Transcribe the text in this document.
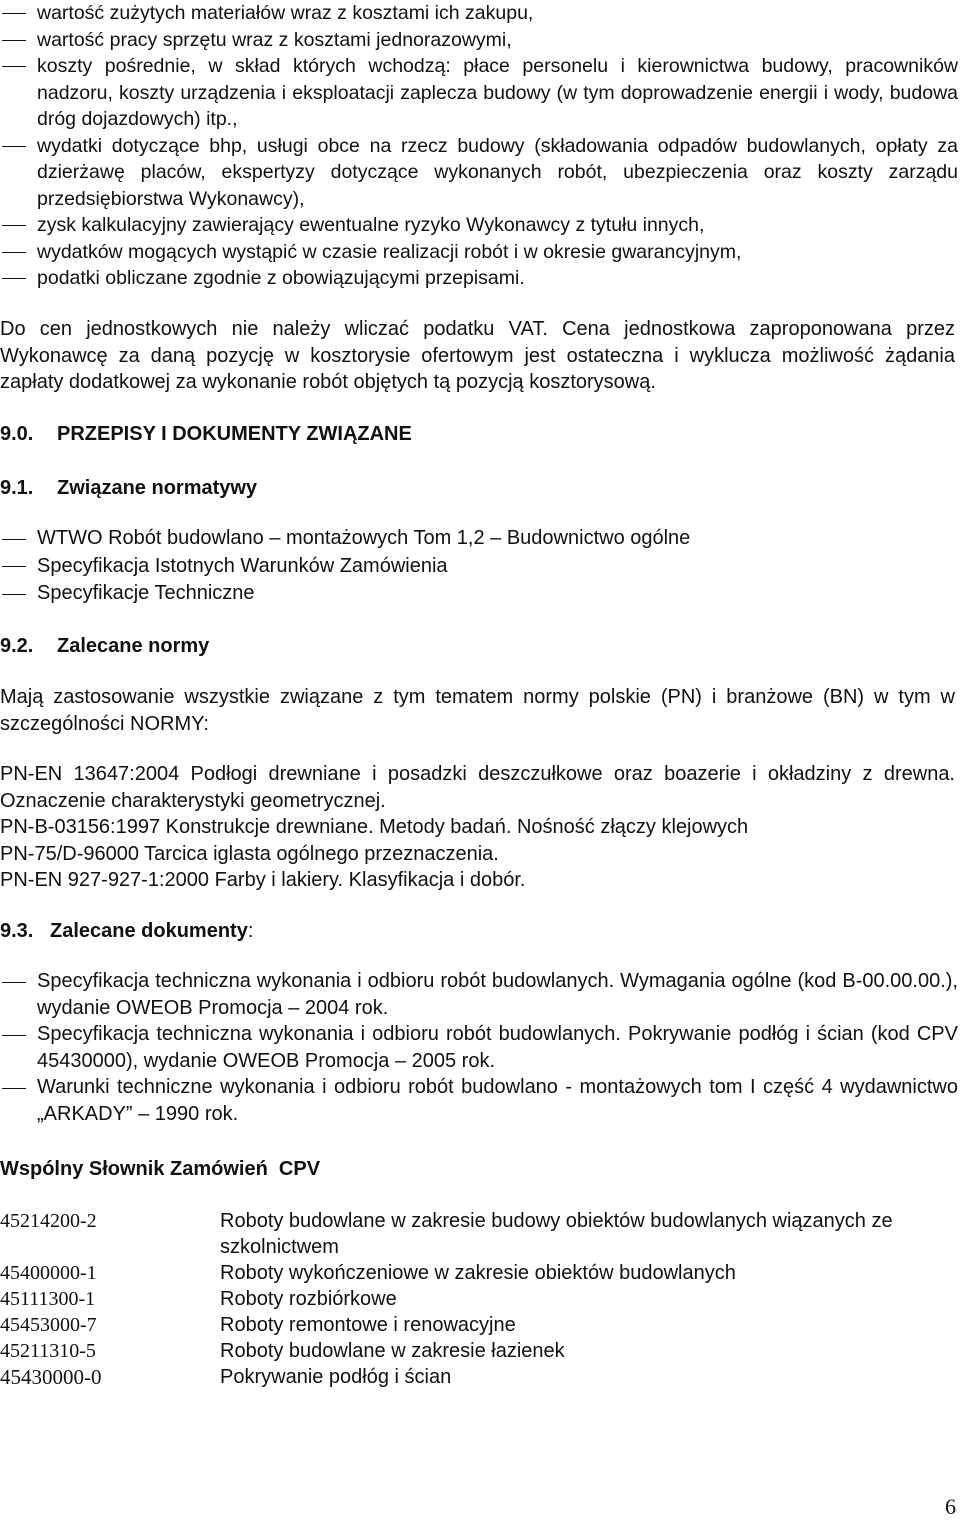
wartość zużytych materiałów wraz z kosztami ich zakupu,
wartość pracy sprzętu wraz z kosztami jednorazowymi,
koszty pośrednie, w skład których wchodzą: płace personelu i kierownictwa budowy, pracowników nadzoru, koszty urządzenia i eksploatacji zaplecza budowy (w tym doprowadzenie energii i wody, budowa dróg dojazdowych) itp.,
wydatki dotyczące bhp, usługi obce na rzecz budowy (składowania odpadów budowlanych, opłaty za dzierżawę placów, ekspertyzy dotyczące wykonanych robót, ubezpieczenia oraz koszty zarządu przedsiębiorstwa Wykonawcy),
zysk kalkulacyjny zawierający ewentualne ryzyko Wykonawcy z tytułu innych,
wydatków mogących wystąpić w czasie realizacji robót i w okresie gwarancyjnym,
podatki obliczane zgodnie z obowiązującymi przepisami.

Do cen jednostkowych nie należy wliczać podatku VAT. Cena jednostkowa zaproponowana przez Wykonawcę za daną pozycję w kosztorysie ofertowym jest ostateczna i wyklucza możliwość żądania zapłaty dodatkowej za wykonanie robót objętych tą pozycją kosztorysową.

9.0. PRZEPISY I DOKUMENTY ZWIĄZANE
9.1. Związane normatywy
WTWO Robót budowlano – montażowych Tom 1,2 – Budownictwo ogólne
Specyfikacja Istotnych Warunków Zamówienia
Specyfikacje Techniczne
9.2. Zalecane normy

Mają zastosowanie wszystkie związane z tym tematem normy polskie (PN) i branżowe (BN) w tym w szczególności NORMY:

PN-EN 13647:2004 Podłogi drewniane i posadzki deszczułkowe oraz boazerie i okładziny z drewna. Oznaczenie charakterystyki geometrycznej.
PN-B-03156:1997 Konstrukcje drewniane. Metody badań. Nośność złączy klejowych
PN-75/D-96000 Tarcica iglasta ogólnego przeznaczenia.
PN-EN 927-927-1:2000 Farby i lakiery. Klasyfikacja i dobór.

9.3. Zalecane dokumenty:
Specyfikacja techniczna wykonania i odbioru robót budowlanych. Wymagania ogólne (kod B-00.00.00.), wydanie OWEOB Promocja – 2004 rok.
Specyfikacja techniczna wykonania i odbioru robót budowlanych. Pokrywanie podłóg i ścian (kod CPV 45430000), wydanie OWEOB Promocja – 2005 rok.
Warunki techniczne wykonania i odbioru robót budowlano - montażowych tom I część 4 wydawnictwo „ARKADY” – 1990 rok.
Wspólny Słownik Zamówień  CPV
45214200-2	Roboty budowlane w zakresie budowy obiektów budowlanych wiązanych ze szkolnictwem
45400000-1	Roboty wykończeniowe w zakresie obiektów budowlanych
45111300-1	Roboty rozbiórkowe
45453000-7	Roboty remontowe i renowacyjne
45211310-5	Roboty budowlane w zakresie łazienek
45430000-0	Pokrywanie podłóg i ścian
6
